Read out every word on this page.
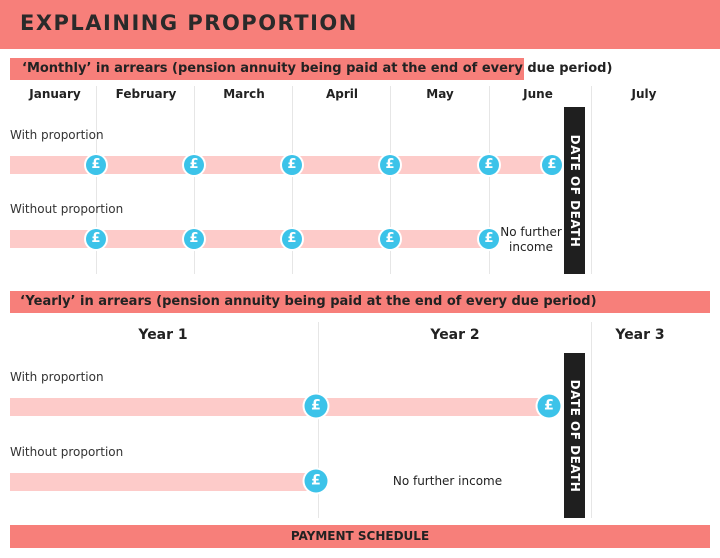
EXPLAINING PROPORTION
‘Monthly’ in arrears (pension annuity being paid at the end of every due period)
January	February	March	April	May	June	July
With proportion
£	£	£	£	£	£
Without proportion
£	£	£	£	£ No further income
DATE OF DEATH
‘Yearly’ in arrears (pension annuity being paid at the end of every due period)
Year 1	Year 2	Year 3
With proportion
£	£
Without proportion
£	No further income	DATE OF DEATH
PAYMENT SCHEDULE
